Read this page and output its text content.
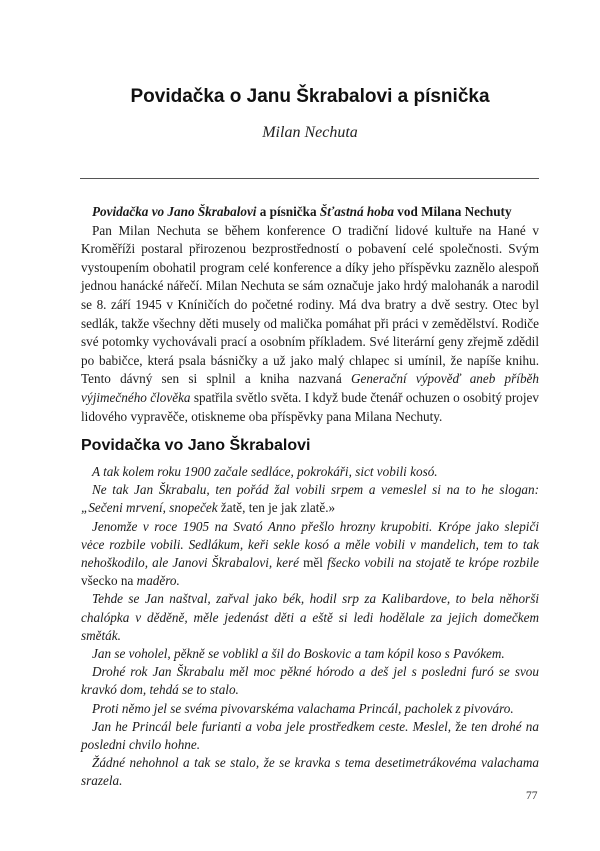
Povidačka o Janu Škrabalovi a písnička
Milan Nechuta

Povidačka vo Jano Škrabalovi a písnička Šťastná hoba vod Milana Nechuty

Pan Milan Nechuta se během konference O tradiční lidové kultuře na Hané v Kroměříži postaral přirozenou bezprostředností o pobavení celé společnosti. Svým vystoupením obohatil program celé konference a díky jeho příspěvku zaznělo alespoň jednou hanácké nářečí. Milan Nechuta se sám označuje jako hrdý malohanák a narodil se 8. září 1945 v Kníničích do početné rodiny. Má dva bratry a dvě sestry. Otec byl sedlák, takže všechny děti musely od malička pomáhat při práci v zemědělství. Rodiče své potomky vychovávali prací a osobním příkladem. Své literární geny zřejmě zdědil po babičce, která psala básničky a už jako malý chlapec si umínil, že napíše knihu. Tento dávný sen si splnil a kniha nazvaná Generační výpověď aneb příběh výjimečného člověka spatřila světlo světa. I když bude čtenář ochuzen o osobitý projev lidového vypravěče, otiskneme oba příspěvky pana Milana Nechuty.

Povidačka vo Jano Škrabalovi

A tak kolem roku 1900 začale sedláce, pokrokáři, sict vobili kosó.

Ne tak Jan Škrabalu, ten pořád žal vobili srpem a vemeslel si na to he slogan: „Sečeni mrvení, snopeček žatě, ten je jak zlatě.»

Jenomže v roce 1905 na Svató Anno přešlo hrozny krupobiti. Krópe jako slepiči vėce rozbile vobili. Sedlákum, keři sekle kosó a měle vobili v mandelich, tem to tak nehoškodilo, ale Janovi Škrabalovi, keré měl fšecko vobili na stojatě te krópe rozbile všecko na maděro.

Tehde se Jan naštval, zařval jako bék, hodil srp za Kalibardove, to bela něhorši chalópka v děděně, měle jedenást děti a eště si ledi hodělale za jejich domečkem směták.

Jan se voholel, pěkně se voblikl a šil do Boskovic a tam kópil koso s Pavókem.

Drohé rok Jan Škrabalu měl moc pěkné hórodo a deš jel s posledni furó se svou kravkó dom, tehdá se to stalo.

Proti němo jel se svéma pivovarskéma valachama Princál, pacholek z pivováro.

Jan he Princál bele furianti a voba jele prostředkem ceste. Meslel, že ten drohé na posledni chvilo hohne.

Žádné nehohnol a tak se stalo, že se kravka s tema desetimetrákovéma valachama srazela.

77
